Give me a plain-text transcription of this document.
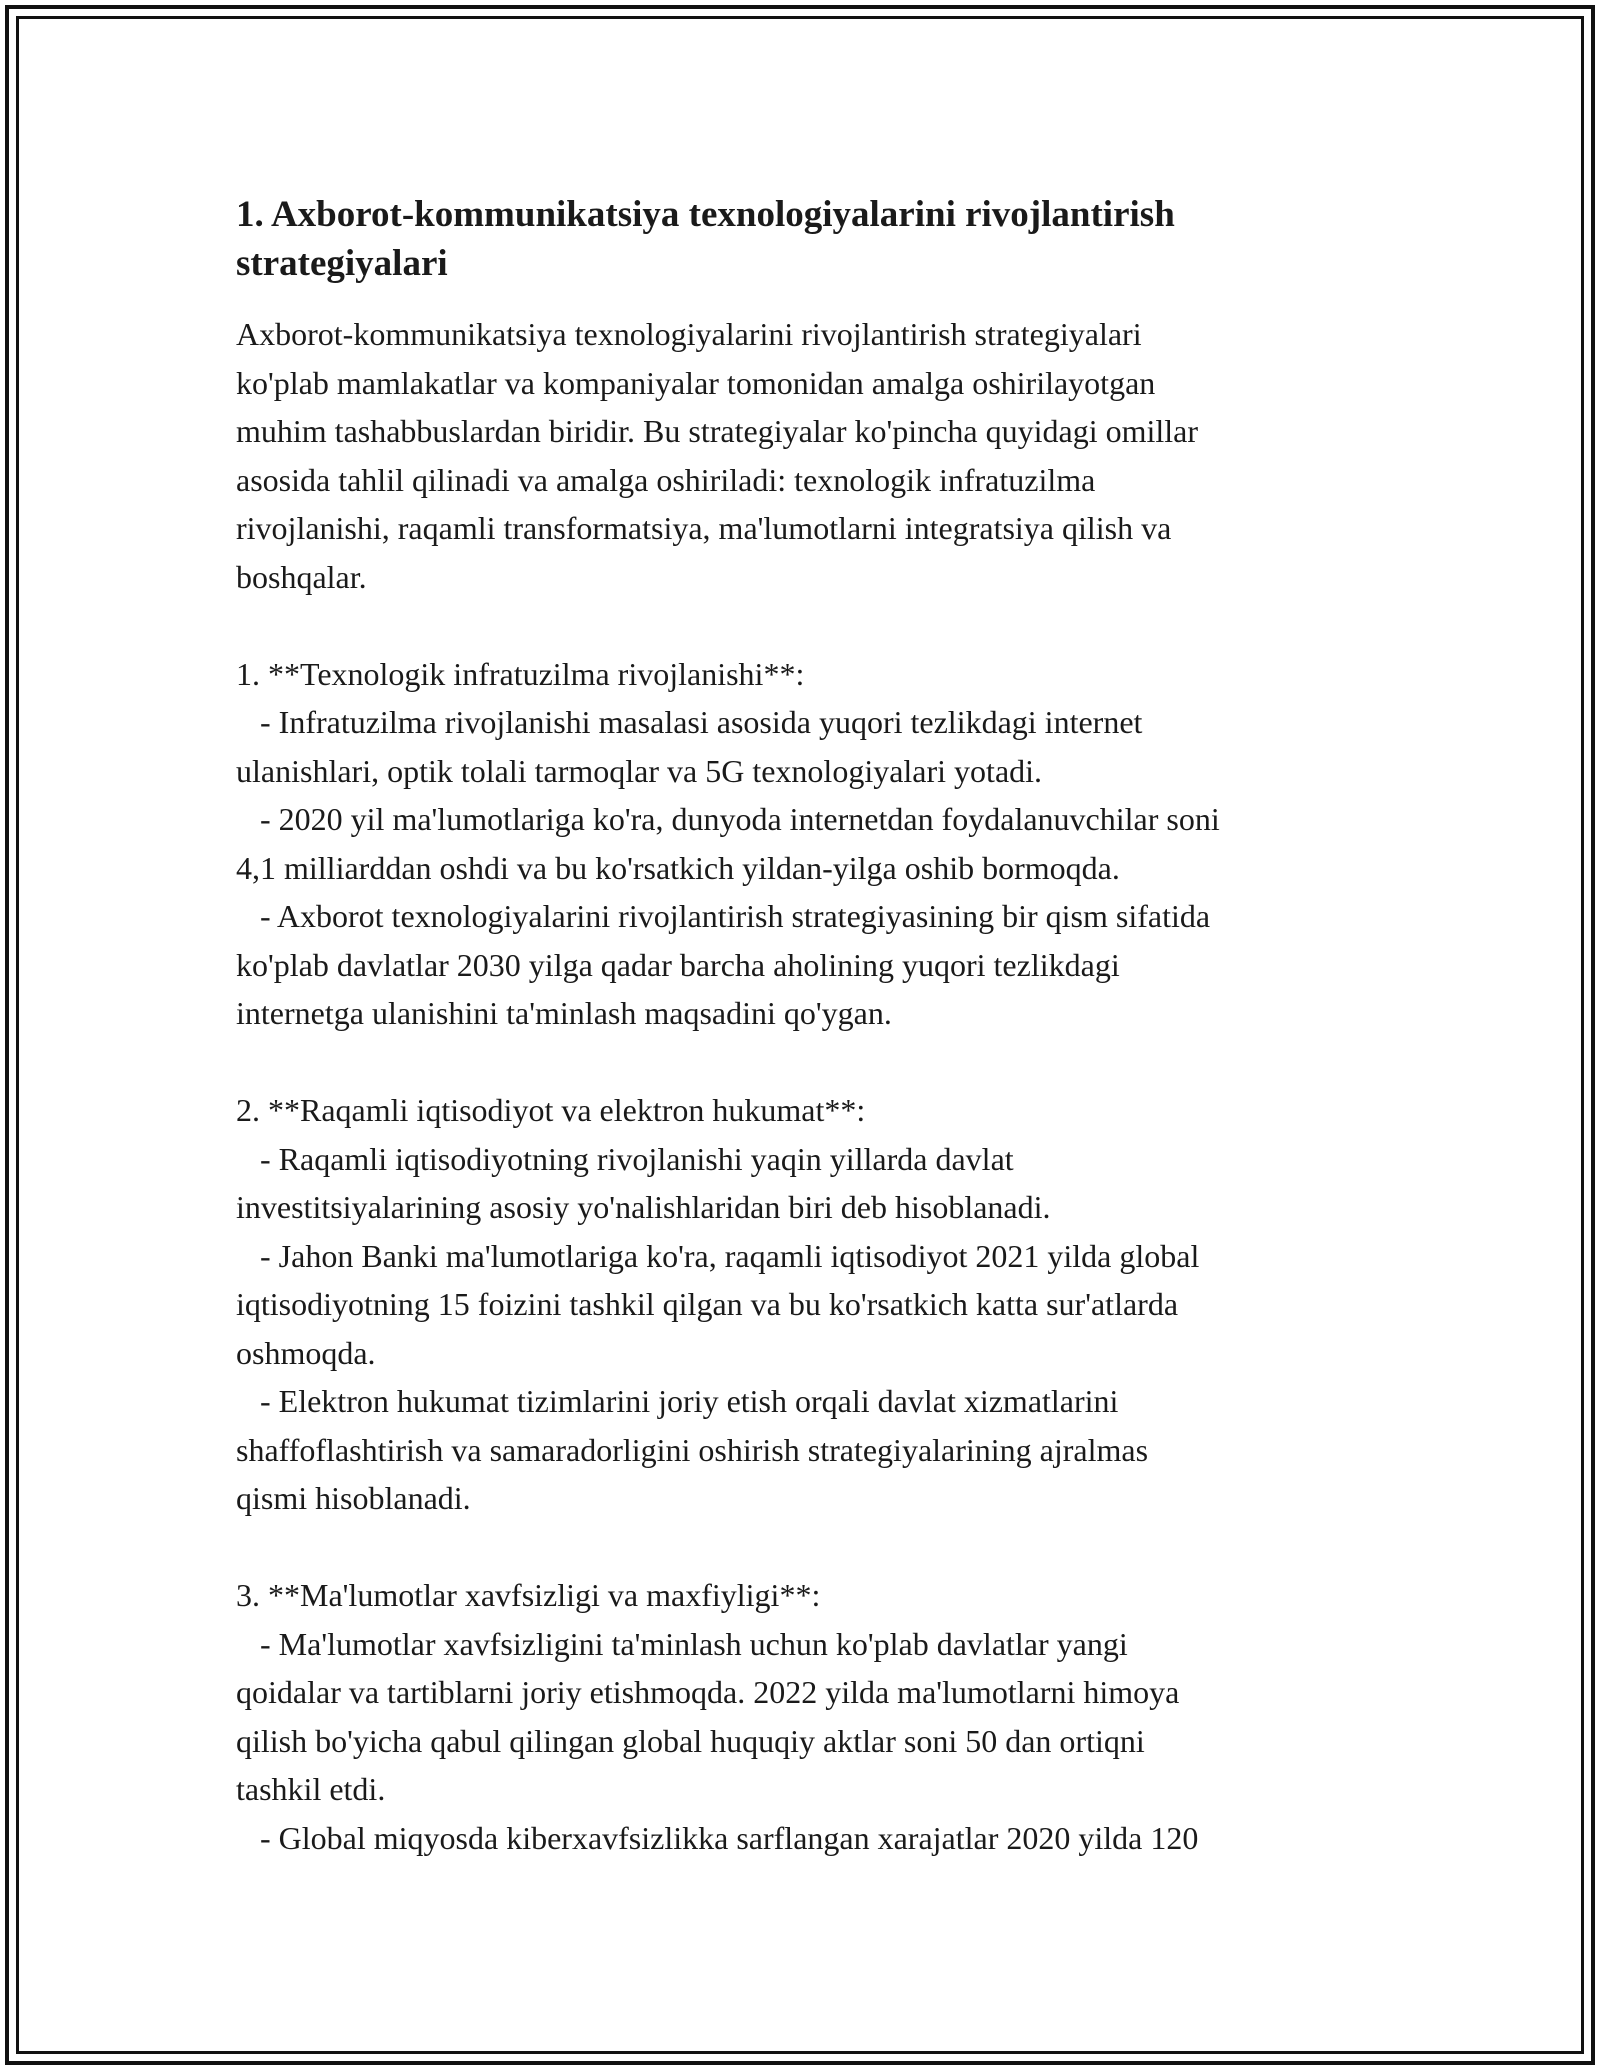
1. Axborot-kommunikatsiya texnologiyalarini rivojlantirish strategiyalari

Axborot-kommunikatsiya texnologiyalarini rivojlantirish strategiyalari
ko'plab mamlakatlar va kompaniyalar tomonidan amalga oshirilayotgan
muhim tashabbuslardan biridir. Bu strategiyalar ko'pincha quyidagi omillar
asosida tahlil qilinadi va amalga oshiriladi: texnologik infratuzilma
rivojlanishi, raqamli transformatsiya, ma'lumotlarni integratsiya qilish va
boshqalar.

1. **Texnologik infratuzilma rivojlanishi**:
- Infratuzilma rivojlanishi masalasi asosida yuqori tezlikdagi internet
ulanishlari, optik tolali tarmoqlar va 5G texnologiyalari yotadi.
- 2020 yil ma'lumotlariga ko'ra, dunyoda internetdan foydalanuvchilar soni
4,1 milliarddan oshdi va bu ko'rsatkich yildan-yilga oshib bormoqda.
- Axborot texnologiyalarini rivojlantirish strategiyasining bir qism sifatida
ko'plab davlatlar 2030 yilga qadar barcha aholining yuqori tezlikdagi
internetga ulanishini ta'minlash maqsadini qo'ygan.

2. **Raqamli iqtisodiyot va elektron hukumat**:
- Raqamli iqtisodiyotning rivojlanishi yaqin yillarda davlat
investitsiyalarining asosiy yo'nalishlaridan biri deb hisoblanadi.
- Jahon Banki ma'lumotlariga ko'ra, raqamli iqtisodiyot 2021 yilda global
iqtisodiyotning 15 foizini tashkil qilgan va bu ko'rsatkich katta sur'atlarda
oshmoqda.
- Elektron hukumat tizimlarini joriy etish orqali davlat xizmatlarini
shaffoflashtirish va samaradorligini oshirish strategiyalarining ajralmas
qismi hisoblanadi.

3. **Ma'lumotlar xavfsizligi va maxfiyligi**:
- Ma'lumotlar xavfsizligini ta'minlash uchun ko'plab davlatlar yangi
qoidalar va tartiblarni joriy etishmoqda. 2022 yilda ma'lumotlarni himoya
qilish bo'yicha qabul qilingan global huquqiy aktlar soni 50 dan ortiqni
tashkil etdi.
- Global miqyosda kiberxavfsizlikka sarflangan xarajatlar 2020 yilda 120
